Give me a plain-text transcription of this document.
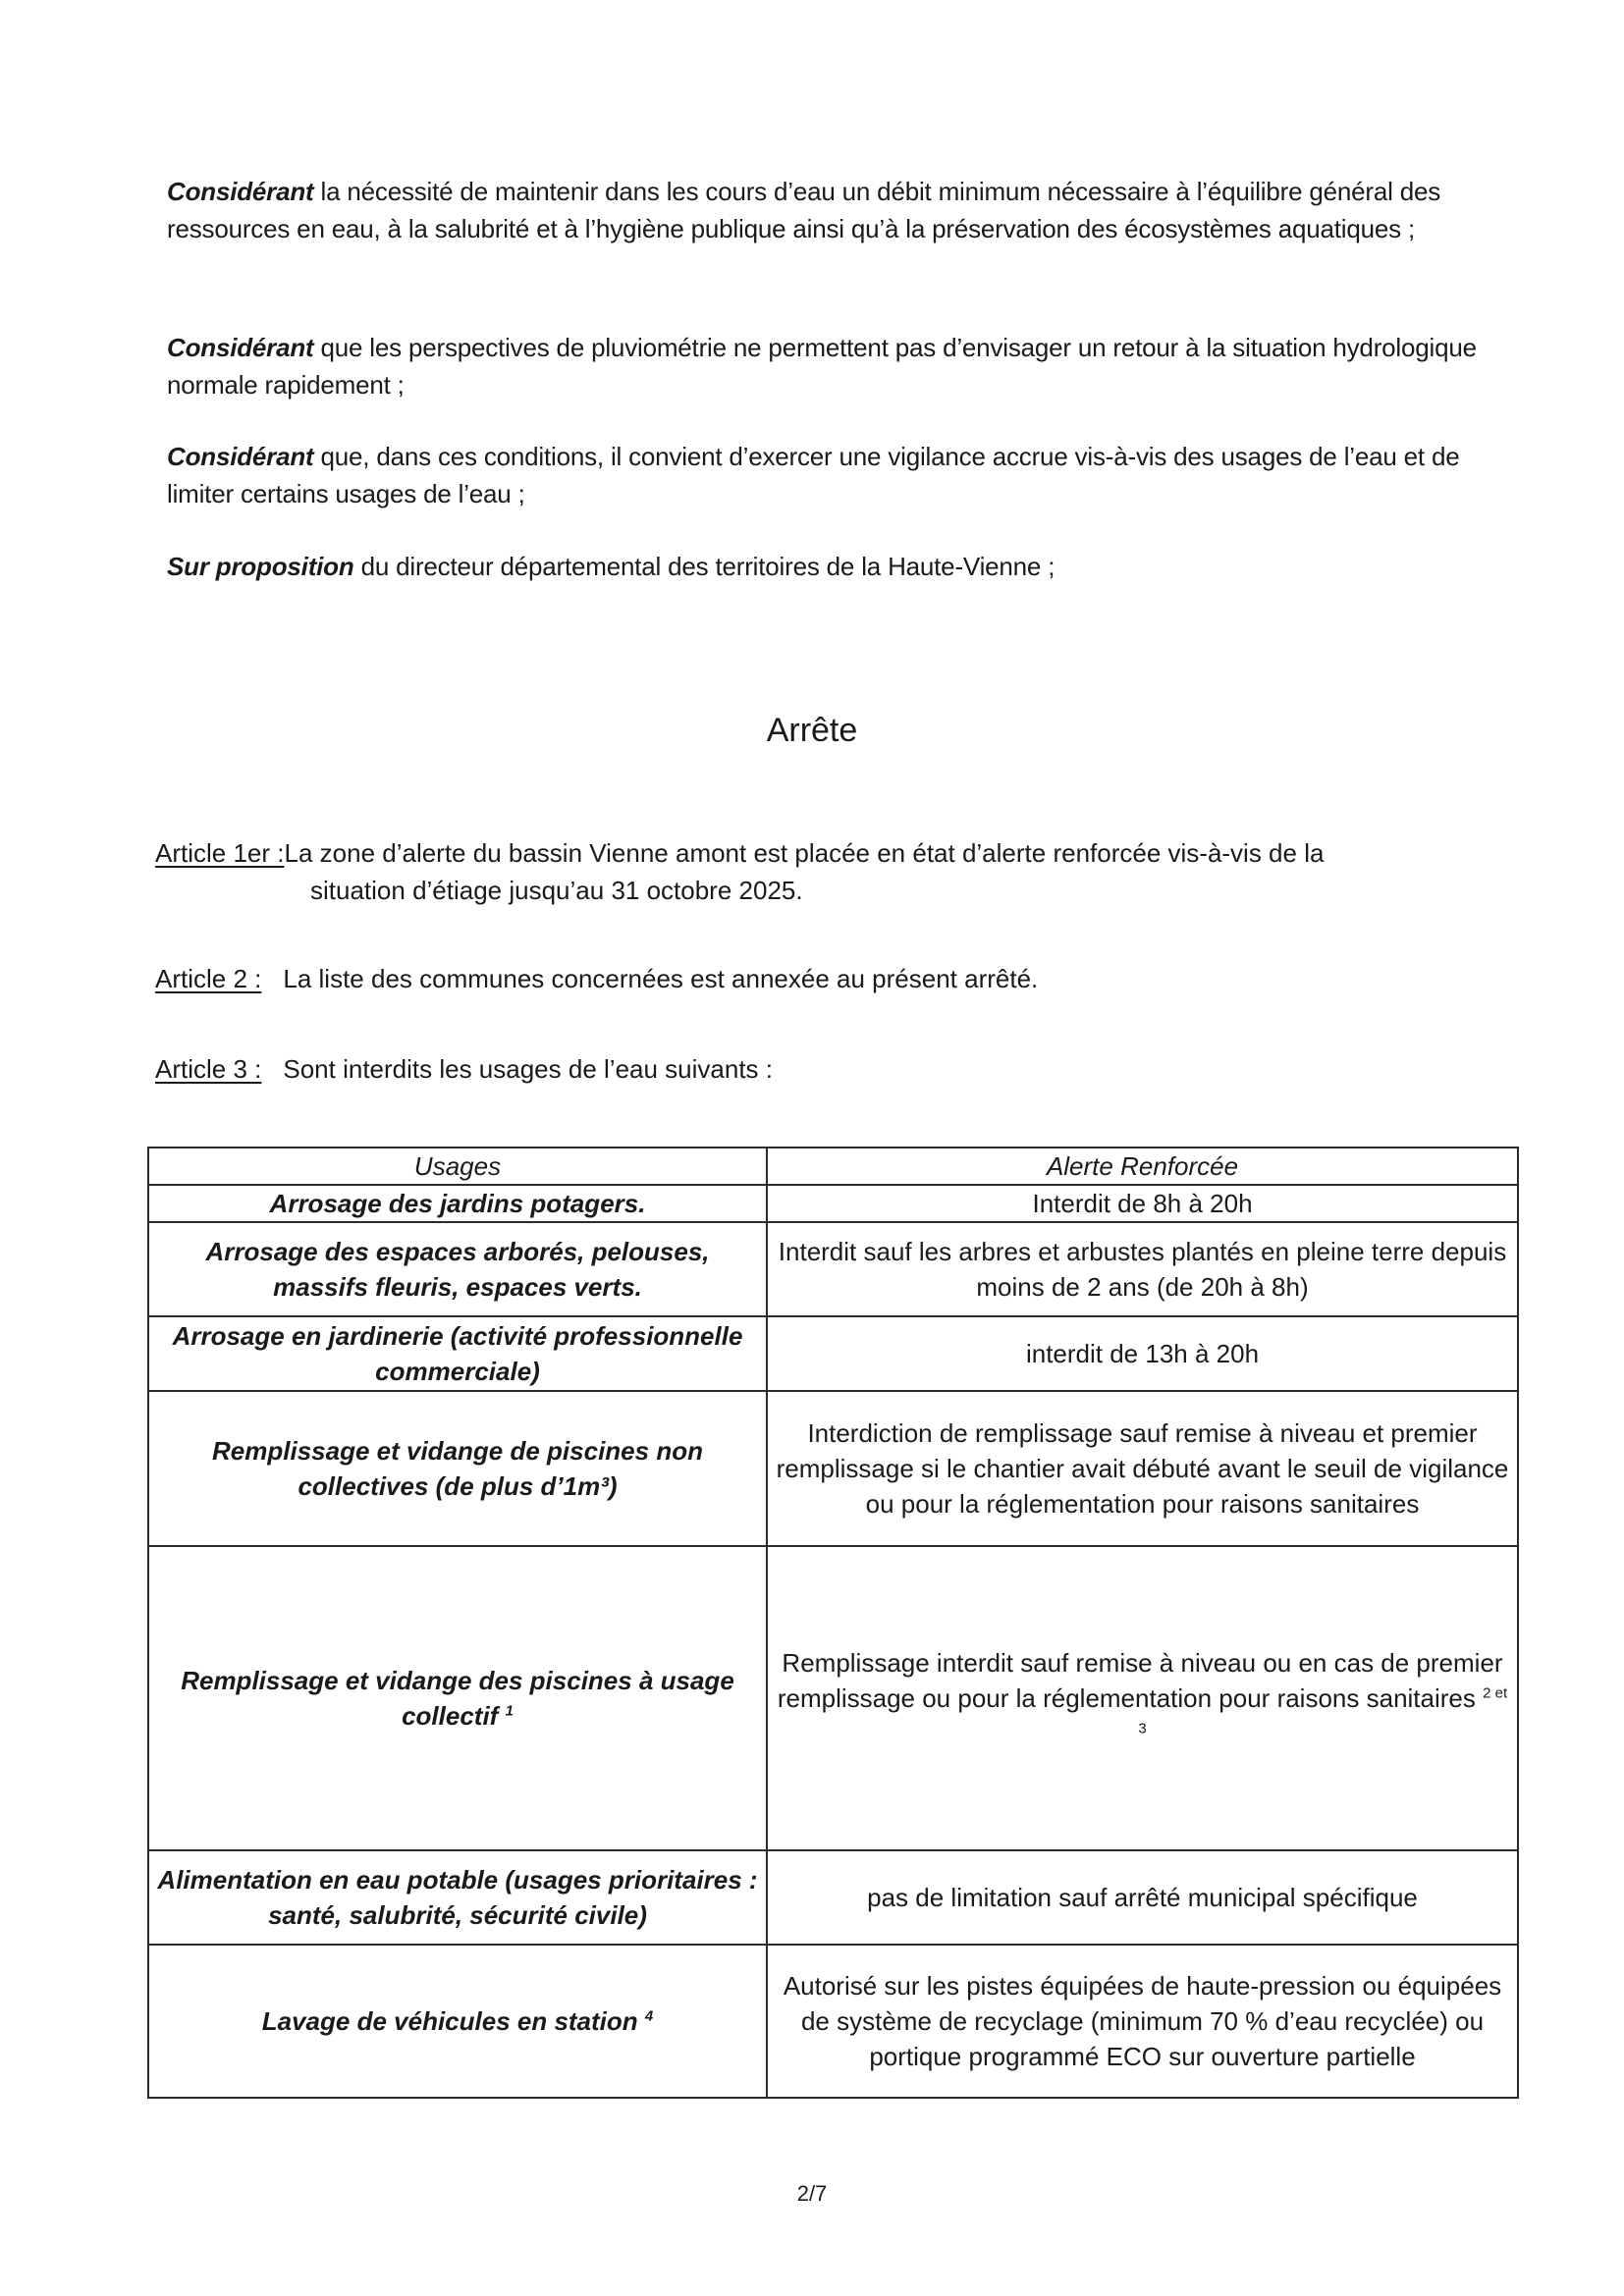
Considérant la nécessité de maintenir dans les cours d’eau un débit minimum nécessaire à l’équilibre général des ressources en eau, à la salubrité et à l’hygiène publique ainsi qu’à la préservation des écosystèmes aquatiques ;

Considérant que les perspectives de pluviométrie ne permettent pas d’envisager un retour à la situation hydrologique normale rapidement ;

Considérant que, dans ces conditions, il convient d’exercer une vigilance accrue vis-à-vis des usages de l’eau et de limiter certains usages de l’eau ;

Sur proposition du directeur départemental des territoires de la Haute-Vienne ;

Arrête
Article 1er :La zone d’alerte du bassin Vienne amont est placée en état d’alerte renforcée vis-à-vis de la
situation d’étiage jusqu’au 31 octobre 2025.
Article 2 : La liste des communes concernées est annexée au présent arrêté.
Article 3 : Sont interdits les usages de l’eau suivants :
Usages	Alerte Renforcée
Arrosage des jardins potagers.	Interdit de 8h à 20h
Arrosage des espaces arborés, pelouses, massifs fleuris, espaces verts.	Interdit sauf les arbres et arbustes plantés en pleine terre depuis moins de 2 ans (de 20h à 8h)
Arrosage en jardinerie (activité professionnelle commerciale)	interdit de 13h à 20h
Remplissage et vidange de piscines non collectives (de plus d’1m³)	Interdiction de remplissage sauf remise à niveau et premier remplissage si le chantier avait débuté avant le seuil de vigilance ou pour la réglementation pour raisons sanitaires
Remplissage et vidange des piscines à usage collectif $^1$	Remplissage interdit sauf remise à niveau ou en cas de premier remplissage ou pour la réglementation pour raisons sanitaires $^{2 et 3}$
Alimentation en eau potable (usages prioritaires : santé, salubrité, sécurité civile)	pas de limitation sauf arrêté municipal spécifique
Lavage de véhicules en station $^4$	Autorisé sur les pistes équipées de haute-pression ou équipées de système de recyclage (minimum 70 % d’eau recyclée) ou portique programmé ECO sur ouverture partielle
2/7
